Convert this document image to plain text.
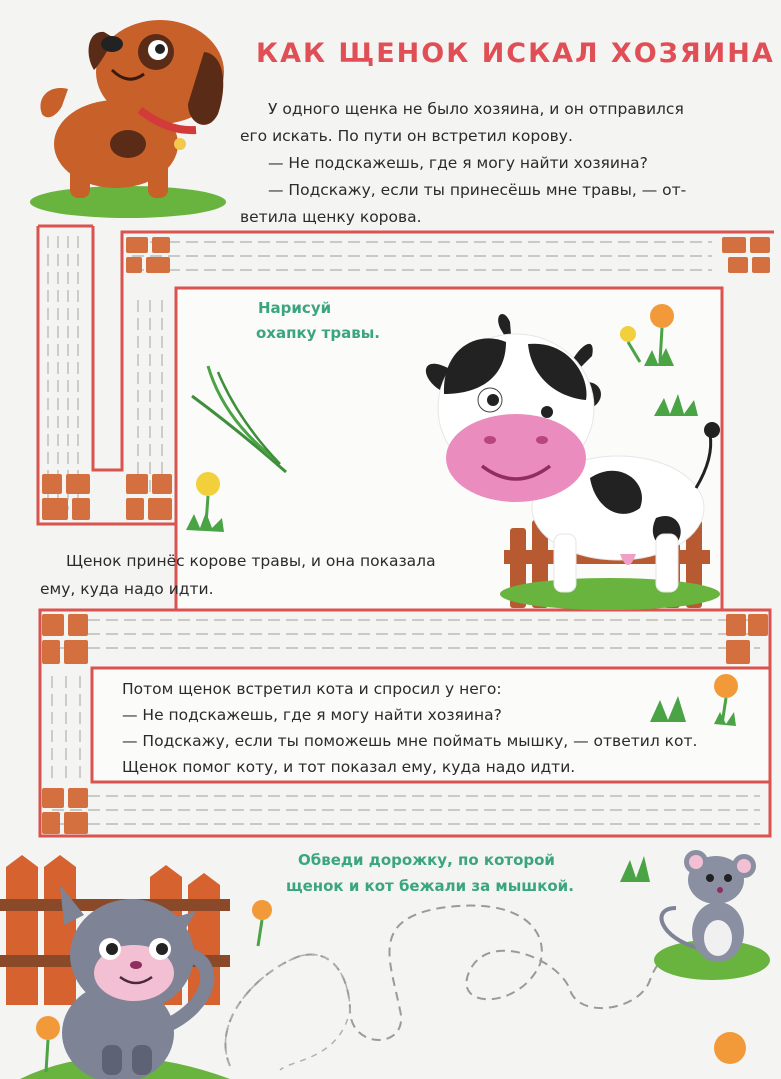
КАК ЩЕНОК ИСКАЛ ХОЗЯИНА
У одного щенка не было хозяина, и он отправился
его искать. По пути он встретил корову.
— Не подскажешь, где я могу найти хозяина?
— Подскажу, если ты принесёшь мне травы, — от-
ветила щенку корова.
Нарисуй
охапку травы.
Щенок принёс корове травы, и она показала
ему, куда надо идти.
Потом щенок встретил кота и спросил у него:
— Не подскажешь, где я могу найти хозяина?
— Подскажу, если ты поможешь мне поймать мышку, — ответил кот.
Щенок помог коту, и тот показал ему, куда надо идти.
Обведи дорожку, по которой
щенок и кот бежали за мышкой.
